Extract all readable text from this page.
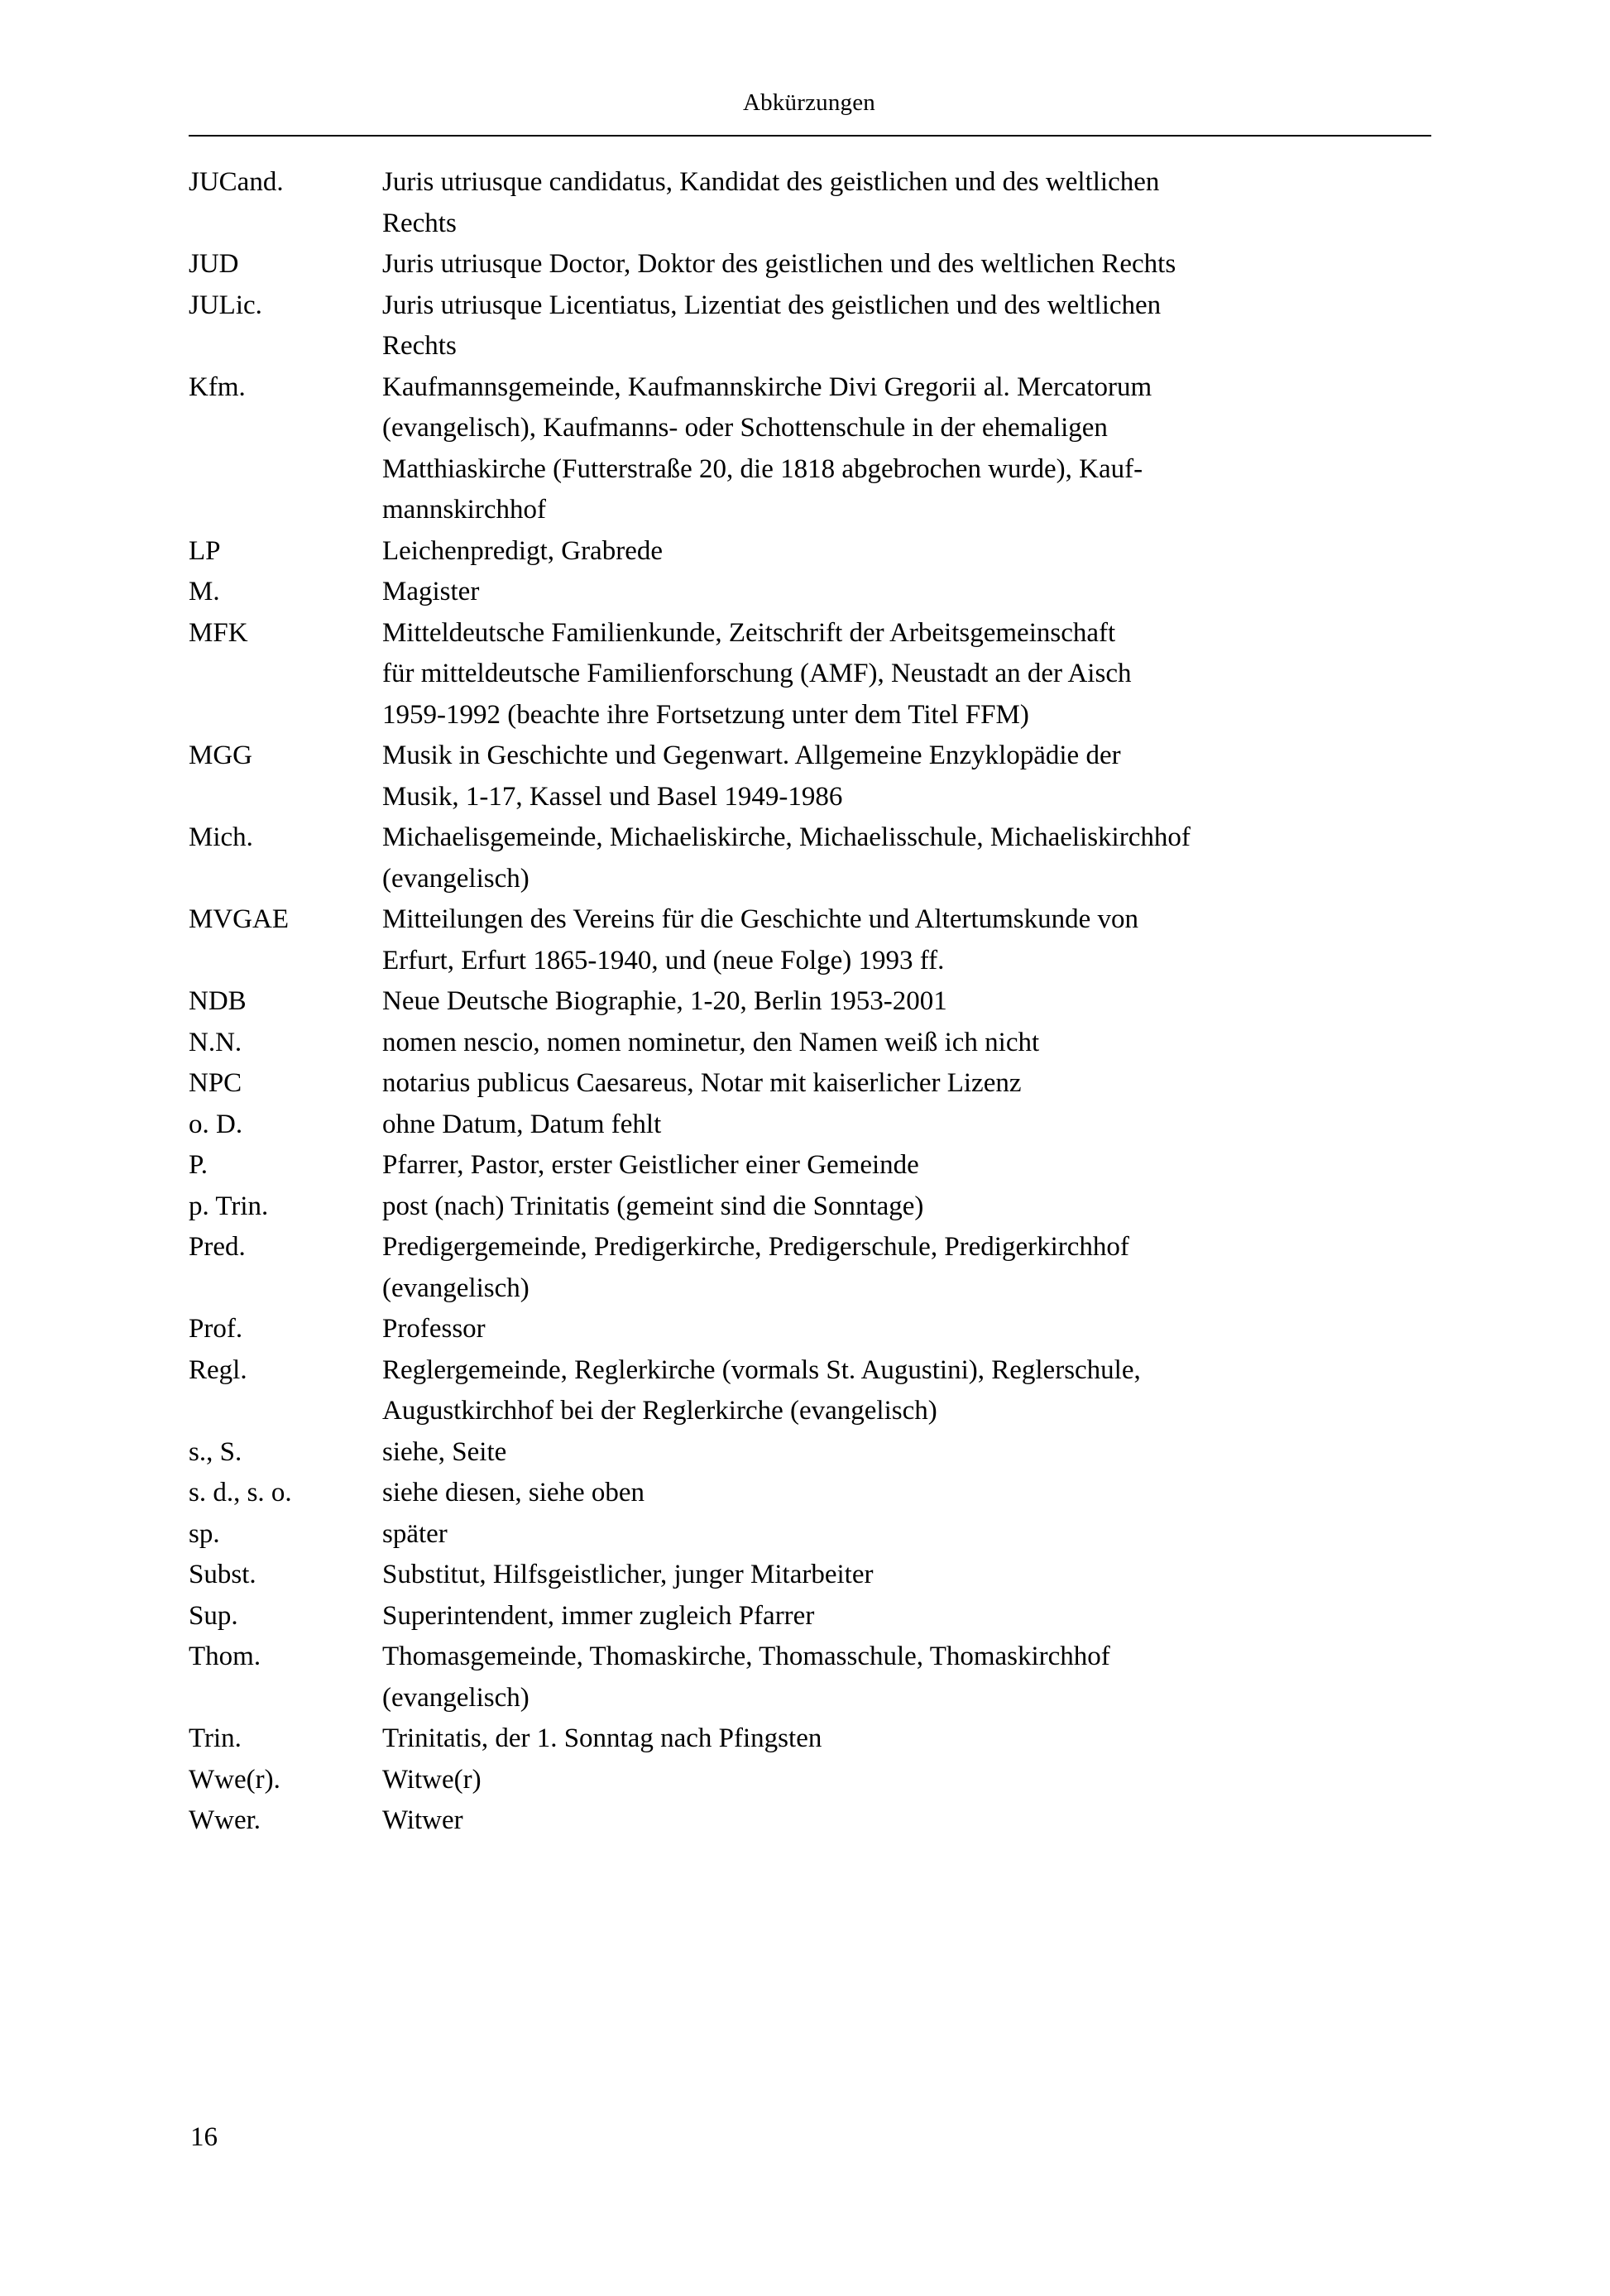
Abkürzungen
JUCand.	Juris utriusque candidatus, Kandidat des geistlichen und des weltlichen
Rechts
JUD	Juris utriusque Doctor, Doktor des geistlichen und des weltlichen Rechts
JULic.	Juris utriusque Licentiatus, Lizentiat des geistlichen und des weltlichen
Rechts
Kfm.	Kaufmannsgemeinde, Kaufmannskirche Divi Gregorii al. Mercatorum
(evangelisch), Kaufmanns- oder Schottenschule in der ehemaligen
Matthiaskirche (Futterstraße 20, die 1818 abgebrochen wurde), Kauf-
mannskirchhof
LP	Leichenpredigt, Grabrede
M.	Magister
MFK	Mitteldeutsche Familienkunde, Zeitschrift der Arbeitsgemeinschaft
für mitteldeutsche Familienforschung (AMF), Neustadt an der Aisch
1959-1992 (beachte ihre Fortsetzung unter dem Titel FFM)
MGG	Musik in Geschichte und Gegenwart. Allgemeine Enzyklopädie der
Musik, 1-17, Kassel und Basel 1949-1986
Mich.	Michaelisgemeinde, Michaeliskirche, Michaelisschule, Michaeliskirchhof
(evangelisch)
MVGAE	Mitteilungen des Vereins für die Geschichte und Altertumskunde von
Erfurt, Erfurt 1865-1940, und (neue Folge) 1993 ff.
NDB	Neue Deutsche Biographie, 1-20, Berlin 1953-2001
N.N.	nomen nescio, nomen nominetur, den Namen weiß ich nicht
NPC	notarius publicus Caesareus, Notar mit kaiserlicher Lizenz
o. D.	ohne Datum, Datum fehlt
P.	Pfarrer, Pastor, erster Geistlicher einer Gemeinde
p. Trin.	post (nach) Trinitatis (gemeint sind die Sonntage)
Pred.	Predigergemeinde, Predigerkirche, Predigerschule, Predigerkirchhof
(evangelisch)
Prof.	Professor
Regl.	Reglergemeinde, Reglerkirche (vormals St. Augustini), Reglerschule,
Augustkirchhof bei der Reglerkirche (evangelisch)
s., S.	siehe, Seite
s. d., s. o.	siehe diesen, siehe oben
sp.	später
Subst.	Substitut, Hilfsgeistlicher, junger Mitarbeiter
Sup.	Superintendent, immer zugleich Pfarrer
Thom.	Thomasgemeinde, Thomaskirche, Thomasschule, Thomaskirchhof
(evangelisch)
Trin.	Trinitatis, der 1. Sonntag nach Pfingsten
Wwe(r).	Witwe(r)
Wwer.	Witwer
16
